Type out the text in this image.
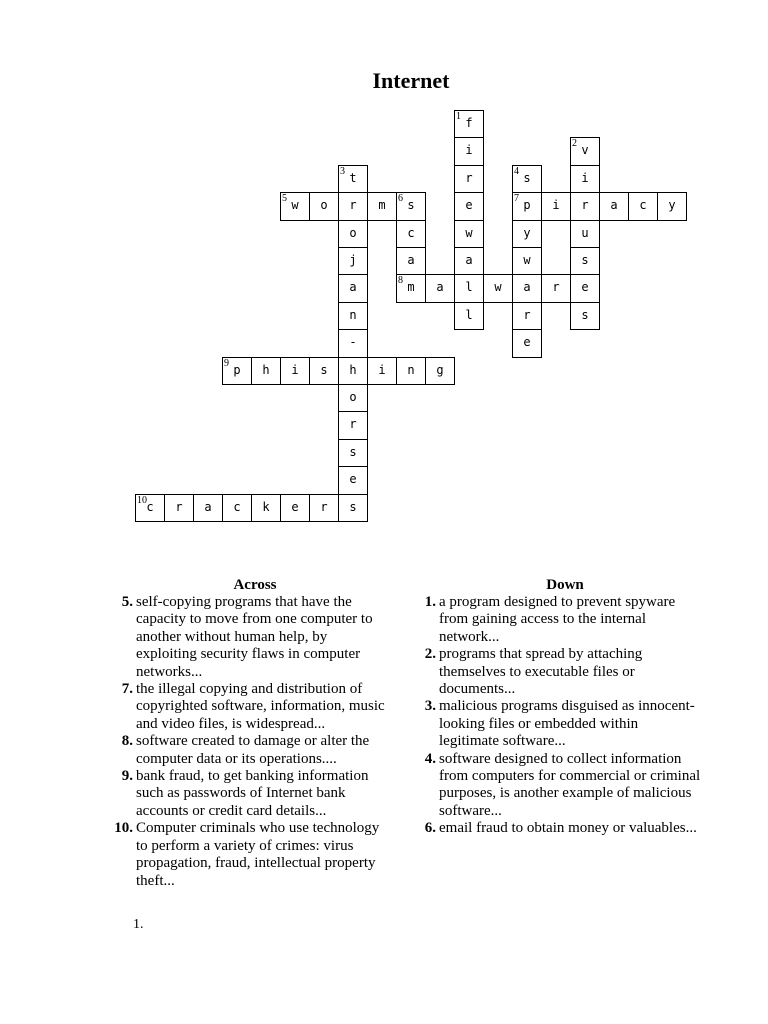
Internet
1 f
i	2 v
3 t	r	4 s	i
5 w	o	r	m	6 s	e	7 p	i	r	a	c	y
o	c	w	y	u
j	a	a	w	s
a	8 m	a	l	w	a	r	e
n	l	r	s
-	e
9 p	h	i	s	h	i	n	g
o
r
s
e
10 c	r	a	c	k	e	r	s
Across
5. self-copying programs that have the
capacity to move from one computer to
another without human help, by
exploiting security flaws in computer
networks...
7. the illegal copying and distribution of
copyrighted software, information, music
and video files, is widespread...
8. software created to damage or alter the
computer data or its operations....
9. bank fraud, to get banking information
such as passwords of Internet bank
accounts or credit card details...
10. Computer criminals who use technology
to perform a variety of crimes: virus
propagation, fraud, intellectual property
theft...
Down
1. a program designed to prevent spyware
from gaining access to the internal
network...
2. programs that spread by attaching
themselves to executable files or
documents...
3. malicious programs disguised as innocent-
looking files or embedded within
legitimate software...
4. software designed to collect information
from computers for commercial or criminal
purposes, is another example of malicious
software...
6. email fraud to obtain money or valuables...
1.
